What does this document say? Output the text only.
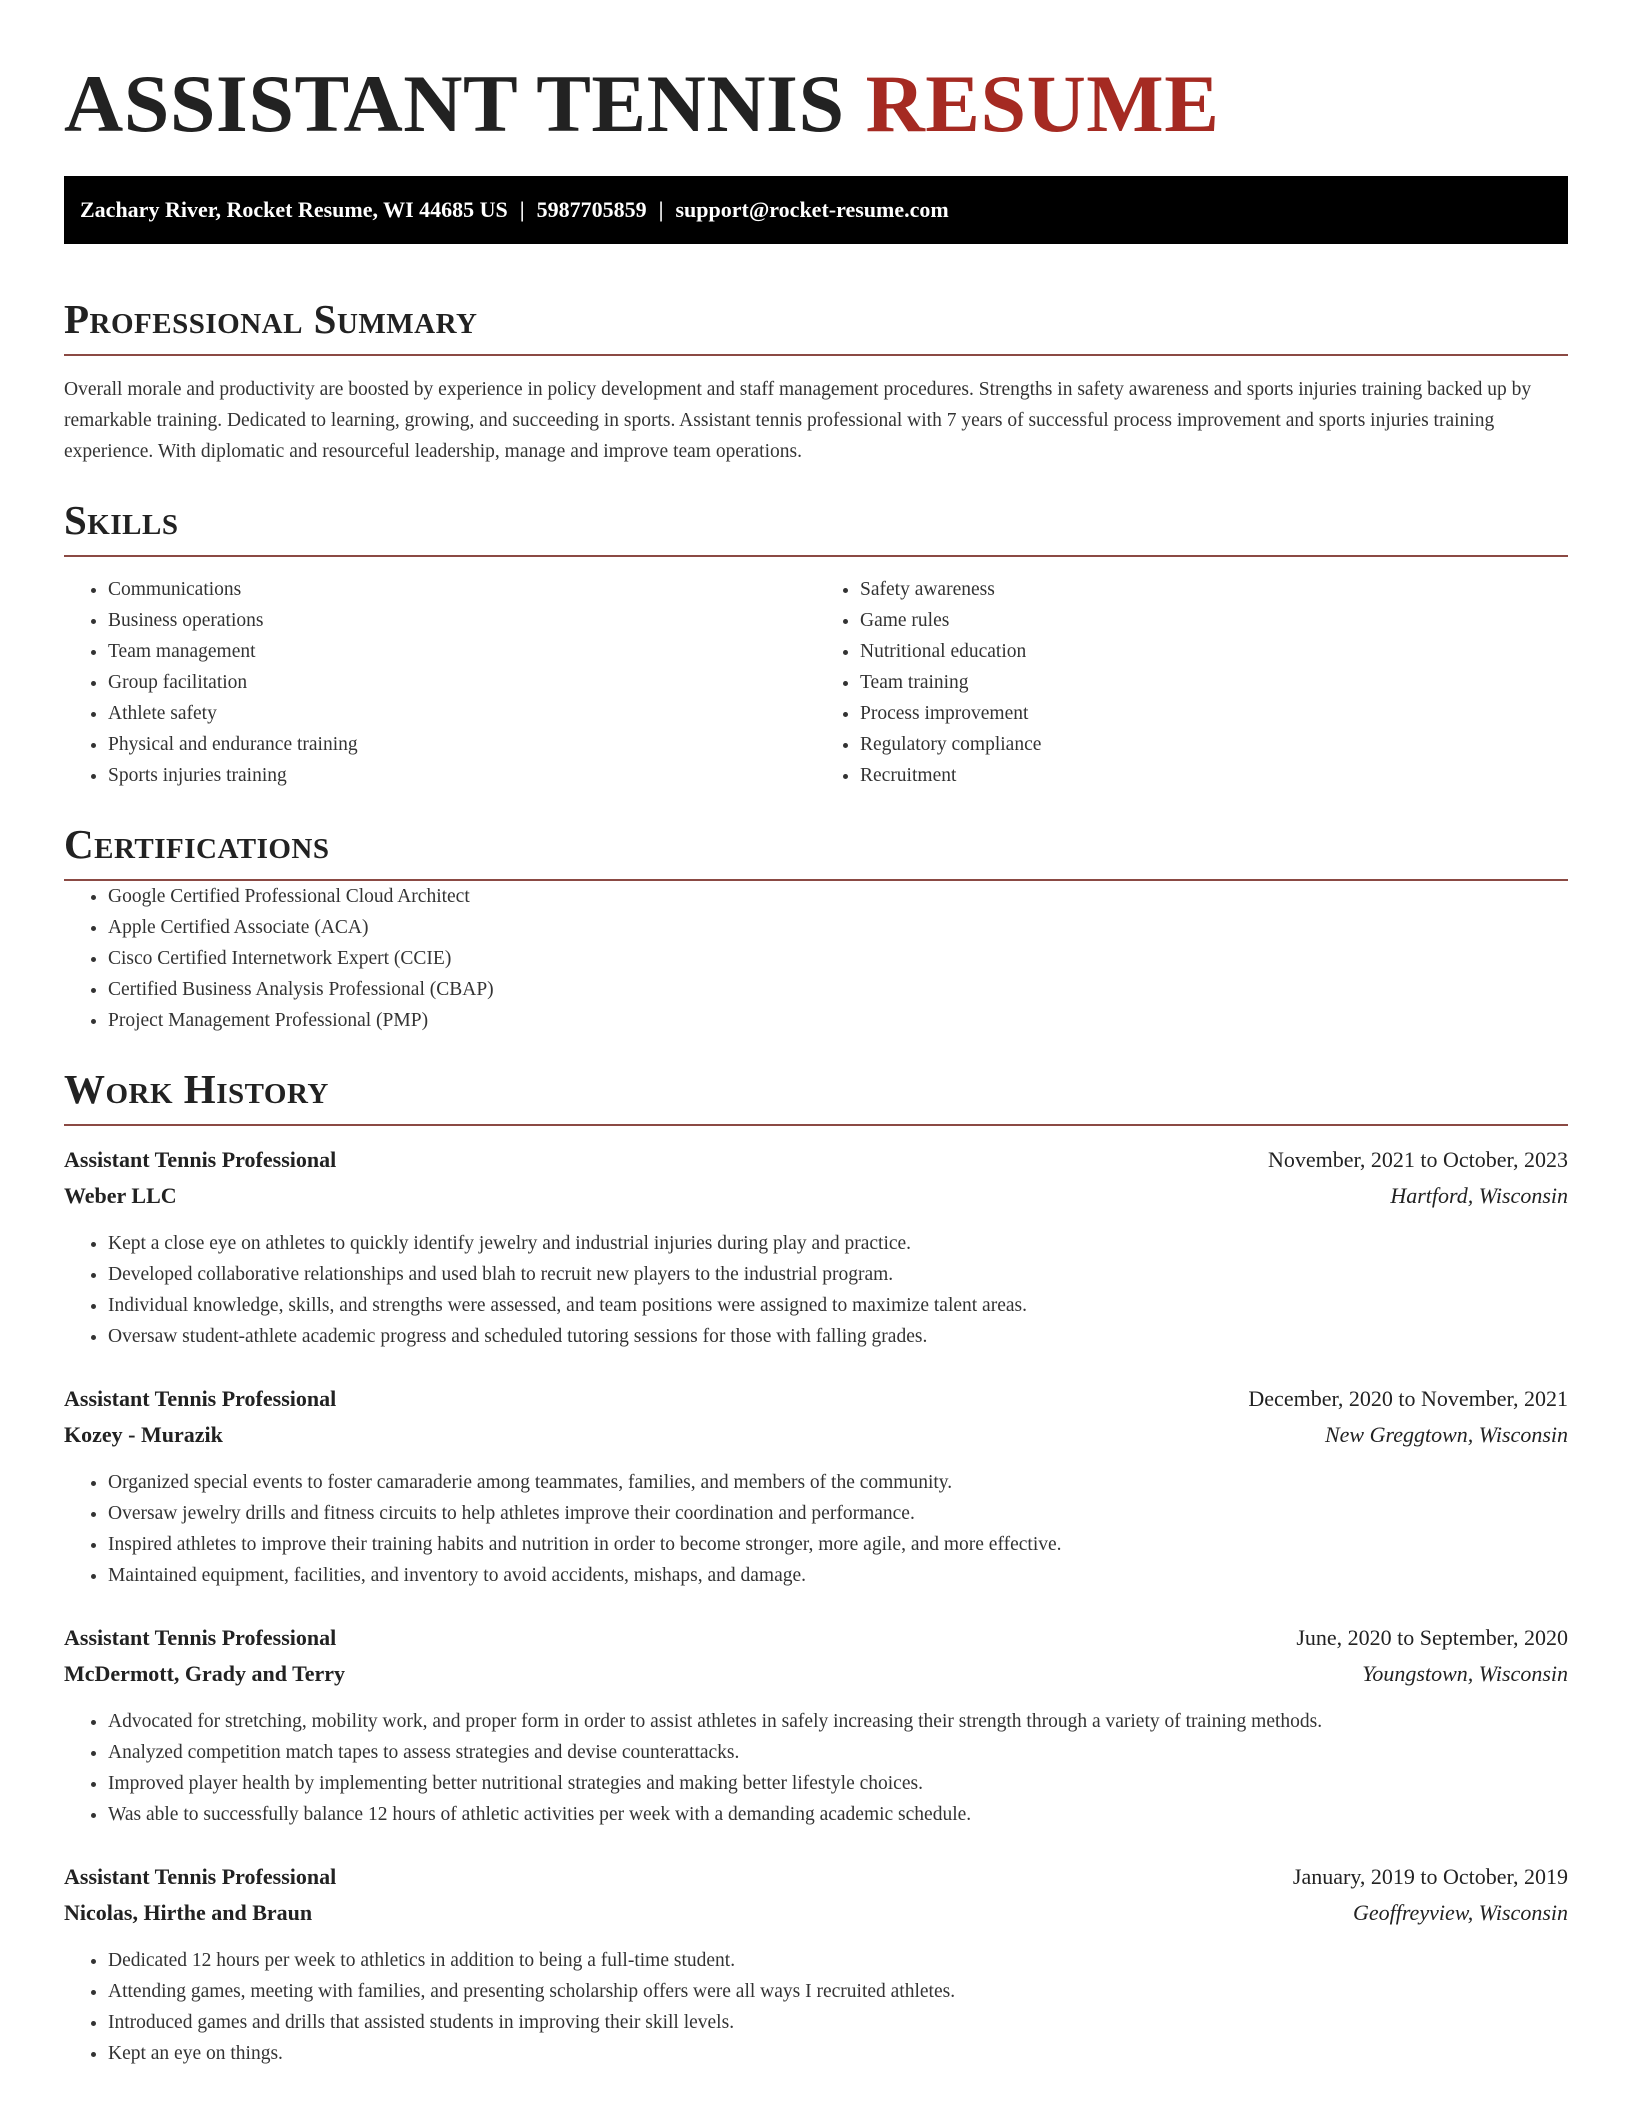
ASSISTANT TENNIS RESUME
Zachary River, Rocket Resume, WI 44685 US | 5987705859 | support@rocket-resume.com
Professional Summary

Overall morale and productivity are boosted by experience in policy development and staff management procedures. Strengths in safety awareness and sports injuries training backed up by remarkable training. Dedicated to learning, growing, and succeeding in sports. Assistant tennis professional with 7 years of successful process improvement and sports injuries training experience. With diplomatic and resourceful leadership, manage and improve team operations.

Skills
• Communications
• Business operations
• Team management
• Group facilitation
• Athlete safety
• Physical and endurance training
• Sports injuries training
• Safety awareness
• Game rules
• Nutritional education
• Team training
• Process improvement
• Regulatory compliance
• Recruitment
Certifications
• Google Certified Professional Cloud Architect
• Apple Certified Associate (ACA)
• Cisco Certified Internetwork Expert (CCIE)
• Certified Business Analysis Professional (CBAP)
• Project Management Professional (PMP)
Work History
Assistant Tennis Professional	November, 2021 to October, 2023
Weber LLC	Hartford, Wisconsin
• Kept a close eye on athletes to quickly identify jewelry and industrial injuries during play and practice.
• Developed collaborative relationships and used blah to recruit new players to the industrial program.
• Individual knowledge, skills, and strengths were assessed, and team positions were assigned to maximize talent areas.
• Oversaw student-athlete academic progress and scheduled tutoring sessions for those with falling grades.
Assistant Tennis Professional	December, 2020 to November, 2021
Kozey - Murazik	New Greggtown, Wisconsin
• Organized special events to foster camaraderie among teammates, families, and members of the community.
• Oversaw jewelry drills and fitness circuits to help athletes improve their coordination and performance.
• Inspired athletes to improve their training habits and nutrition in order to become stronger, more agile, and more effective.
• Maintained equipment, facilities, and inventory to avoid accidents, mishaps, and damage.
Assistant Tennis Professional	June, 2020 to September, 2020
McDermott, Grady and Terry	Youngstown, Wisconsin
• Advocated for stretching, mobility work, and proper form in order to assist athletes in safely increasing their strength through a variety of training methods.
• Analyzed competition match tapes to assess strategies and devise counterattacks.
• Improved player health by implementing better nutritional strategies and making better lifestyle choices.
• Was able to successfully balance 12 hours of athletic activities per week with a demanding academic schedule.
Assistant Tennis Professional	January, 2019 to October, 2019
Nicolas, Hirthe and Braun	Geoffreyview, Wisconsin
• Dedicated 12 hours per week to athletics in addition to being a full-time student.
• Attending games, meeting with families, and presenting scholarship offers were all ways I recruited athletes.
• Introduced games and drills that assisted students in improving their skill levels.
• Kept an eye on things.
